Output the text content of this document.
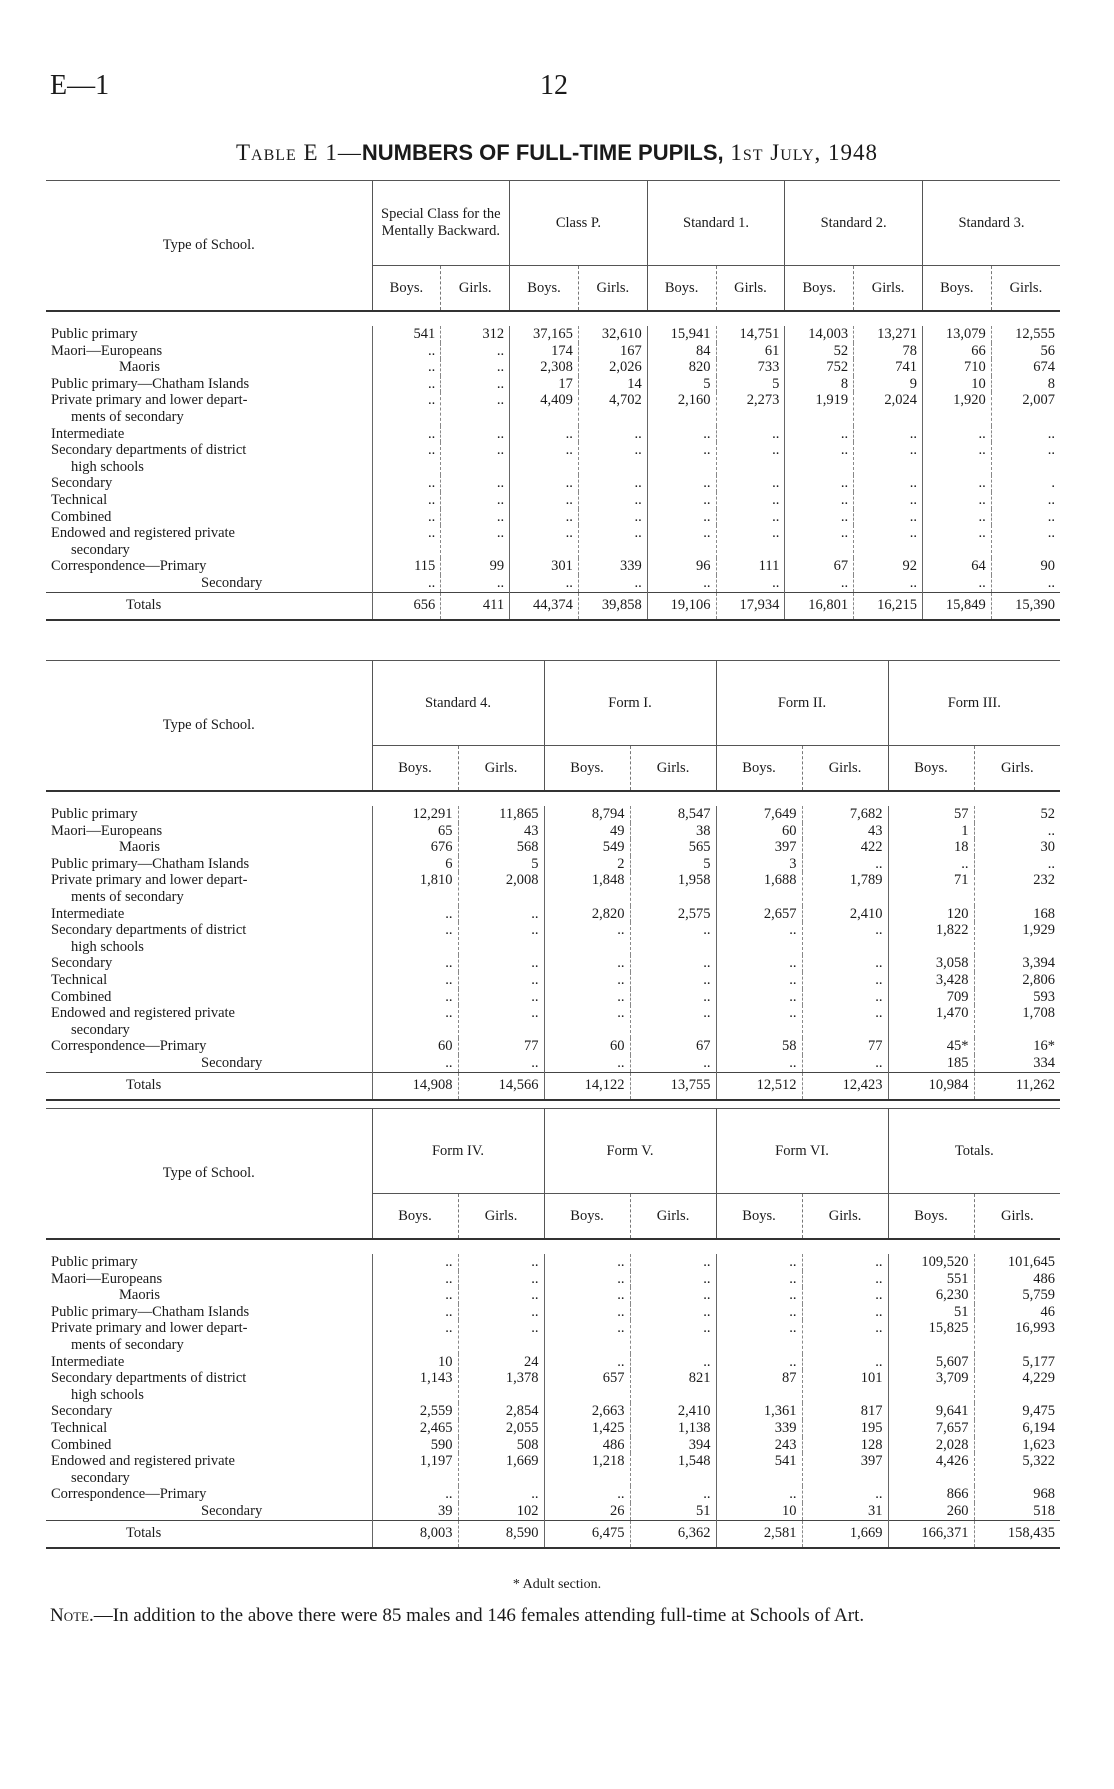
E—1	12
Table E 1—NUMBERS OF FULL-TIME PUPILS, 1st July, 1948
Type of School.	Special Class for the Mentally Backward.		Class P.		Standard 1.		Standard 2.		Standard 3.	
	Boys.	Girls.	Boys.	Girls.	Boys.	Girls.	Boys.	Girls.	Boys.	Girls.

Public primary	541	312	37,165	32,610	15,941	14,751	14,003	13,271	13,079	12,555
Maori—Europeans	..	..	174	167	84	61	52	78	66	56
Maoris	..	..	2,308	2,026	820	733	752	741	710	674
Public primary—Chatham Islands	..	..	17	14	5	5	8	9	10	8
Private primary and lower depart-
ments of secondary	..	..	4,409	4,702	2,160	2,273	1,919	2,024	1,920	2,007
Intermediate	..	..	..	..	..	..	..	..	..	..
Secondary departments of district
high schools	..	..	..	..	..	..	..	..	..	..
Secondary	..	..	..	..	..	..	..	..	..	.
Technical	..	..	..	..	..	..	..	..	..	..
Combined	..	..	..	..	..	..	..	..	..	..
Endowed and registered private
secondary	..	..	..	..	..	..	..	..	..	..
Correspondence—Primary	115	99	301	339	96	111	67	92	64	90
Secondary	..	..	..	..	..	..	..	..	..	..
Totals	656	411	44,374	39,858	19,106	17,934	16,801	16,215	15,849	15,390
Type of School.	Standard 4.		Form I.		Form II.		Form III.	
	Boys.	Girls.	Boys.	Girls.	Boys.	Girls.	Boys.	Girls.

Public primary	12,291	11,865	8,794	8,547	7,649	7,682	57	52
Maori—Europeans	65	43	49	38	60	43	1	..
Maoris	676	568	549	565	397	422	18	30
Public primary—Chatham Islands	6	5	2	5	3	..	..	..
Private primary and lower depart-
ments of secondary	1,810	2,008	1,848	1,958	1,688	1,789	71	232
Intermediate	..	..	2,820	2,575	2,657	2,410	120	168
Secondary departments of district
high schools	..	..	..	..	..	..	1,822	1,929
Secondary	..	..	..	..	..	..	3,058	3,394
Technical	..	..	..	..	..	..	3,428	2,806
Combined	..	..	..	..	..	..	709	593
Endowed and registered private
secondary	..	..	..	..	..	..	1,470	1,708
Correspondence—Primary	60	77	60	67	58	77	45*	16*
Secondary	..	..	..	..	..	..	185	334
Totals	14,908	14,566	14,122	13,755	12,512	12,423	10,984	11,262
Type of School.	Form IV.		Form V.		Form VI.		Totals.	
	Boys.	Girls.	Boys.	Girls.	Boys.	Girls.	Boys.	Girls.

Public primary	..	..	..	..	..	..	109,520	101,645
Maori—Europeans	..	..	..	..	..	..	551	486
Maoris	..	..	..	..	..	..	6,230	5,759
Public primary—Chatham Islands	..	..	..	..	..	..	51	46
Private primary and lower depart-
ments of secondary	..	..	..	..	..	..	15,825	16,993
Intermediate	10	24	..	..	..	..	5,607	5,177
Secondary departments of district
high schools	1,143	1,378	657	821	87	101	3,709	4,229
Secondary	2,559	2,854	2,663	2,410	1,361	817	9,641	9,475
Technical	2,465	2,055	1,425	1,138	339	195	7,657	6,194
Combined	590	508	486	394	243	128	2,028	1,623
Endowed and registered private
secondary	1,197	1,669	1,218	1,548	541	397	4,426	5,322
Correspondence—Primary	..	..	..	..	..	..	866	968
Secondary	39	102	26	51	10	31	260	518
Totals	8,003	8,590	6,475	6,362	2,581	1,669	166,371	158,435
* Adult section.
Note.—In addition to the above there were 85 males and 146 females attending full-time at Schools of Art.
